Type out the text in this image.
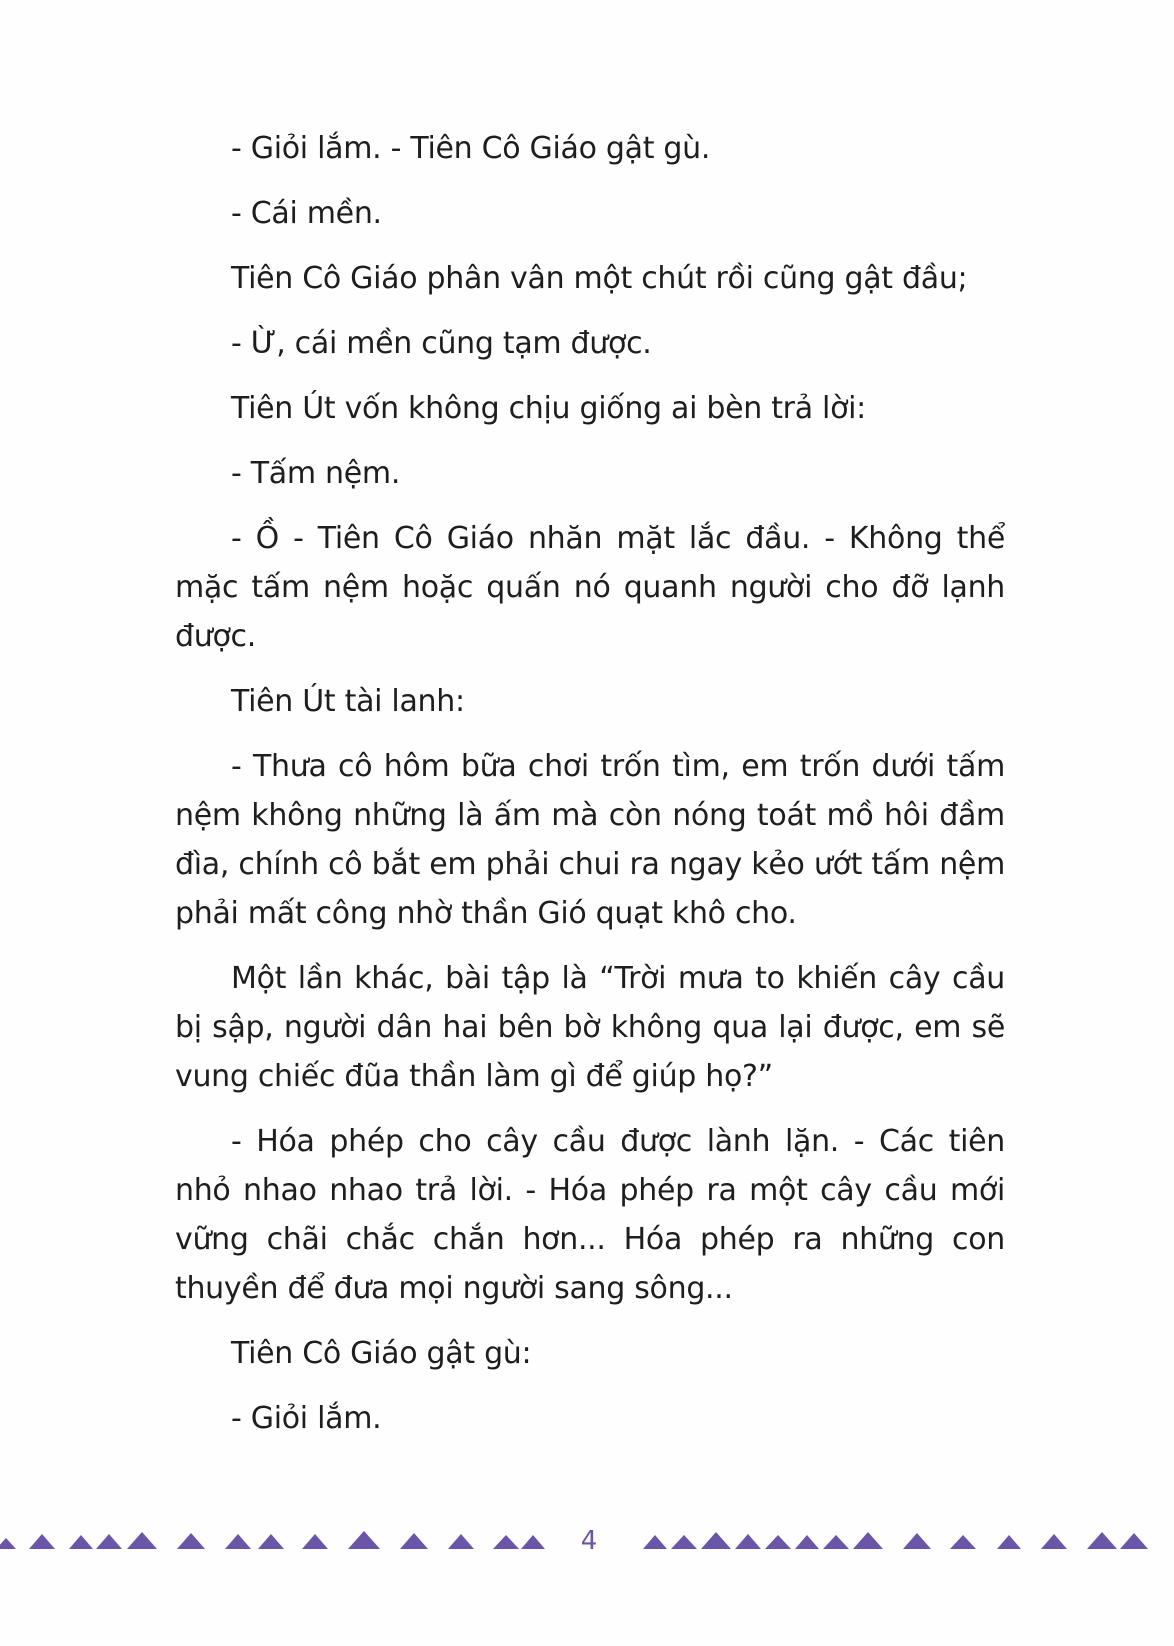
- Giỏi lắm. - Tiên Cô Giáo gật gù.

- Cái mền.

Tiên Cô Giáo phân vân một chút rồi cũng gật đầu;

- Ừ, cái mền cũng tạm được.

Tiên Út vốn không chịu giống ai bèn trả lời:

- Tấm nệm.

- Ồ - Tiên Cô Giáo nhăn mặt lắc đầu. - Không thể mặc tấm nệm hoặc quấn nó quanh người cho đỡ lạnh được.

Tiên Út tài lanh:

- Thưa cô hôm bữa chơi trốn tìm, em trốn dưới tấm nệm không những là ấm mà còn nóng toát mồ hôi đầm đìa, chính cô bắt em phải chui ra ngay kẻo ướt tấm nệm phải mất công nhờ thần Gió quạt khô cho.

Một lần khác, bài tập là “Trời mưa to khiến cây cầu bị sập, người dân hai bên bờ không qua lại được, em sẽ vung chiếc đũa thần làm gì để giúp họ?”

- Hóa phép cho cây cầu được lành lặn. - Các tiên nhỏ nhao nhao trả lời. - Hóa phép ra một cây cầu mới vững chãi chắc chắn hơn... Hóa phép ra những con thuyền để đưa mọi người sang sông...

Tiên Cô Giáo gật gù:

- Giỏi lắm.

4
